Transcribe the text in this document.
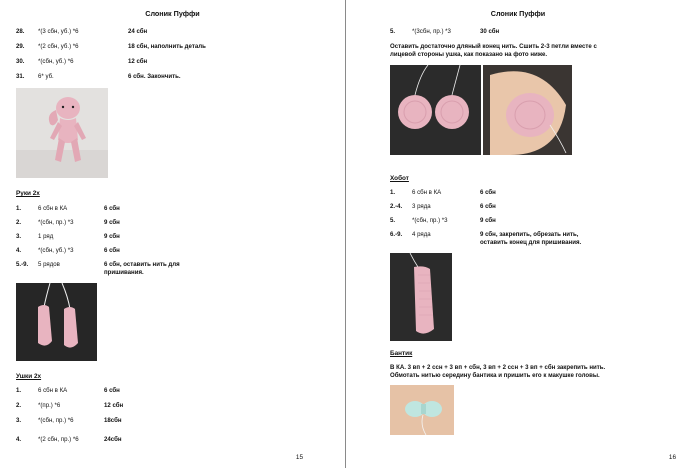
Слоник Пуффи
28. *(3 сбн, уб.) *6	24 сбн
29. *(2 сбн, уб.) *6	18 сбн, наполнить деталь
30. *(сбн, уб.) *6	12 сбн
31. 6* уб.	6 сбн. Закончить.
Руки 2х
1.	6 сбн в КА	6 сбн
2.	*(сбн, пр.) *3	9 сбн
3.	1 ряд	9 сбн
4.	*(сбн, уб.) *3	6 сбн
5.-9. 5 рядов	6 сбн, оставить нить для
пришивания.
Ушки 2х
1.	6 сбн в КА	6 сбн
2.	*(пр.) *6	12 сбн
3.	*(сбн, пр.) *6	18сбн
4.	*(2 сбн, пр.) *6	24сбн
15
Слоник Пуффи
5.	*(3сбн, пр.) *3	30 сбн
Оставить достаточно дляный конец нить. Сшить 2-3 петли вместе с
лицевой стороны ушка, как показано на фото ниже.
Хобот
1.	6 сбн в КА	6 сбн
2.-4. 3 ряда	6 сбн
5.	*(сбн, пр.) *3	9 сбн
6.-9. 4 ряда	9 сбн, закрепить, обрезать нить,
оставить конец для пришивания.
Бантик
В КА. 3 вп + 2 ссн + 3 вп + сбн, 3 вп + 2 ссн + 3 вп + сбн закрепить нить.
Обмотать нитью середину бантика и пришить его к макушке головы.
16
